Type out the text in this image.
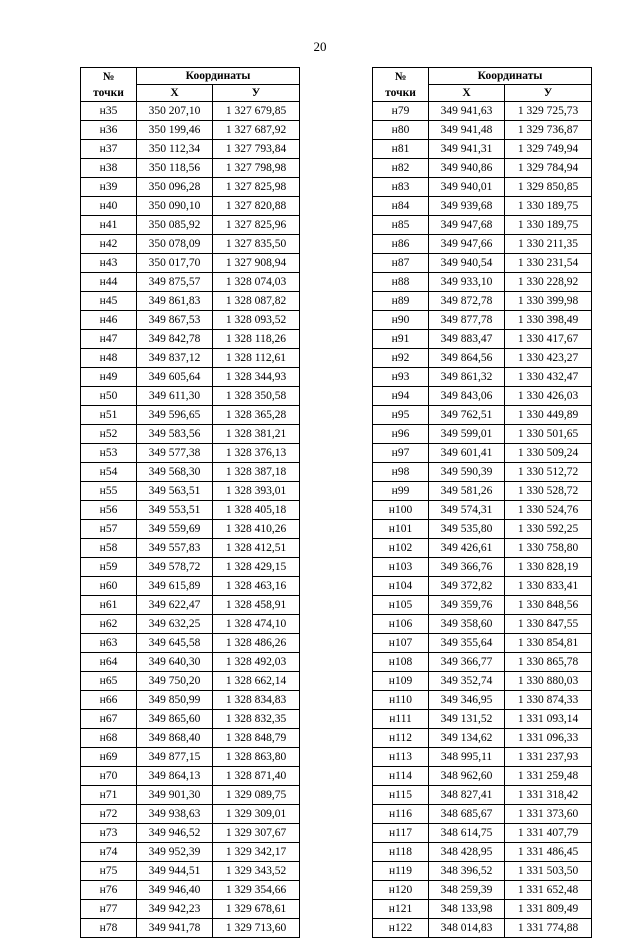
20
№
точки	Координаты	
	Х	У
н35	350 207,10	1 327 679,85
н36	350 199,46	1 327 687,92
н37	350 112,34	1 327 793,84
н38	350 118,56	1 327 798,98
н39	350 096,28	1 327 825,98
н40	350 090,10	1 327 820,88
н41	350 085,92	1 327 825,96
н42	350 078,09	1 327 835,50
н43	350 017,70	1 327 908,94
н44	349 875,57	1 328 074,03
н45	349 861,83	1 328 087,82
н46	349 867,53	1 328 093,52
н47	349 842,78	1 328 118,26
н48	349 837,12	1 328 112,61
н49	349 605,64	1 328 344,93
н50	349 611,30	1 328 350,58
н51	349 596,65	1 328 365,28
н52	349 583,56	1 328 381,21
н53	349 577,38	1 328 376,13
н54	349 568,30	1 328 387,18
н55	349 563,51	1 328 393,01
н56	349 553,51	1 328 405,18
н57	349 559,69	1 328 410,26
н58	349 557,83	1 328 412,51
н59	349 578,72	1 328 429,15
н60	349 615,89	1 328 463,16
н61	349 622,47	1 328 458,91
н62	349 632,25	1 328 474,10
н63	349 645,58	1 328 486,26
н64	349 640,30	1 328 492,03
н65	349 750,20	1 328 662,14
н66	349 850,99	1 328 834,83
н67	349 865,60	1 328 832,35
н68	349 868,40	1 328 848,79
н69	349 877,15	1 328 863,80
н70	349 864,13	1 328 871,40
н71	349 901,30	1 329 089,75
н72	349 938,63	1 329 309,01
н73	349 946,52	1 329 307,67
н74	349 952,39	1 329 342,17
н75	349 944,51	1 329 343,52
н76	349 946,40	1 329 354,66
н77	349 942,23	1 329 678,61
н78	349 941,78	1 329 713,60
№
точки	Координаты	
	Х	У
н79	349 941,63	1 329 725,73
н80	349 941,48	1 329 736,87
н81	349 941,31	1 329 749,94
н82	349 940,86	1 329 784,94
н83	349 940,01	1 329 850,85
н84	349 939,68	1 330 189,75
н85	349 947,68	1 330 189,75
н86	349 947,66	1 330 211,35
н87	349 940,54	1 330 231,54
н88	349 933,10	1 330 228,92
н89	349 872,78	1 330 399,98
н90	349 877,78	1 330 398,49
н91	349 883,47	1 330 417,67
н92	349 864,56	1 330 423,27
н93	349 861,32	1 330 432,47
н94	349 843,06	1 330 426,03
н95	349 762,51	1 330 449,89
н96	349 599,01	1 330 501,65
н97	349 601,41	1 330 509,24
н98	349 590,39	1 330 512,72
н99	349 581,26	1 330 528,72
н100	349 574,31	1 330 524,76
н101	349 535,80	1 330 592,25
н102	349 426,61	1 330 758,80
н103	349 366,76	1 330 828,19
н104	349 372,82	1 330 833,41
н105	349 359,76	1 330 848,56
н106	349 358,60	1 330 847,55
н107	349 355,64	1 330 854,81
н108	349 366,77	1 330 865,78
н109	349 352,74	1 330 880,03
н110	349 346,95	1 330 874,33
н111	349 131,52	1 331 093,14
н112	349 134,62	1 331 096,33
н113	348 995,11	1 331 237,93
н114	348 962,60	1 331 259,48
н115	348 827,41	1 331 318,42
н116	348 685,67	1 331 373,60
н117	348 614,75	1 331 407,79
н118	348 428,95	1 331 486,45
н119	348 396,52	1 331 503,50
н120	348 259,39	1 331 652,48
н121	348 133,98	1 331 809,49
н122	348 014,83	1 331 774,88
